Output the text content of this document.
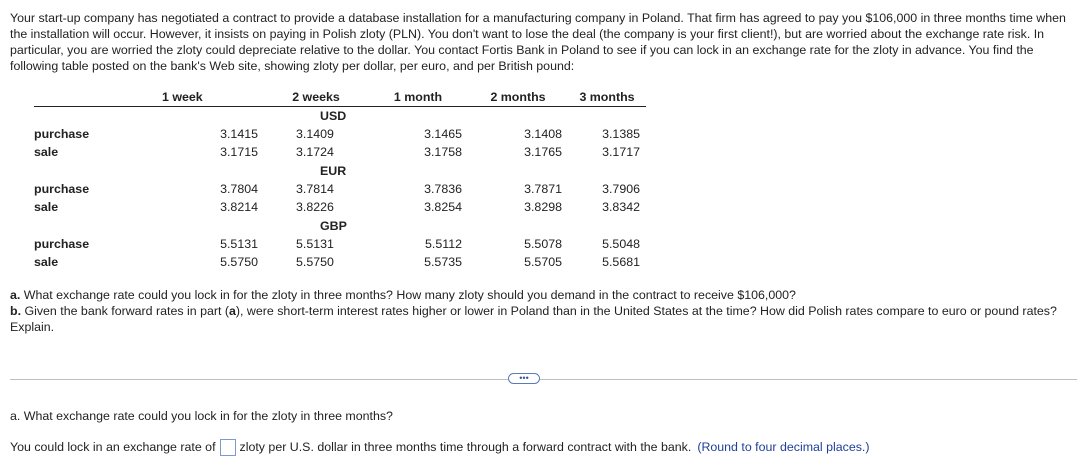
Your start-up company has negotiated a contract to provide a database installation for a manufacturing company in Poland. That firm has agreed to pay you $106,000 in three months time when the installation will occur. However, it insists on paying in Polish zloty (PLN). You don't want to lose the deal (the company is your first client!), but are worried about the exchange rate risk. In particular, you are worried the zloty could depreciate relative to the dollar. You contact Fortis Bank in Poland to see if you can lock in an exchange rate for the zloty in advance. You find the following table posted on the bank's Web site, showing zloty per dollar, per euro, and per British pound:

	1 week	2 weeks	1 month	2 months	3 months
		USD			
purchase	3.1415	3.1409	3.1465	3.1408	3.1385
sale	3.1715	3.1724	3.1758	3.1765	3.1717
		EUR			
purchase	3.7804	3.7814	3.7836	3.7871	3.7906
sale	3.8214	3.8226	3.8254	3.8298	3.8342
		GBP			
purchase	5.5131	5.5131	5.5112	5.5078	5.5048
sale	5.5750	5.5750	5.5735	5.5705	5.5681
a. What exchange rate could you lock in for the zloty in three months? How many zloty should you demand in the contract to receive $106,000?
b. Given the bank forward rates in part (a), were short-term interest rates higher or lower in Poland than in the United States at the time? How did Polish rates compare to euro or pound rates? Explain.
•••

a. What exchange rate could you lock in for the zloty in three months?

You could lock in an exchange rate of zloty per U.S. dollar in three months time through a forward contract with the bank. (Round to four decimal places.)
